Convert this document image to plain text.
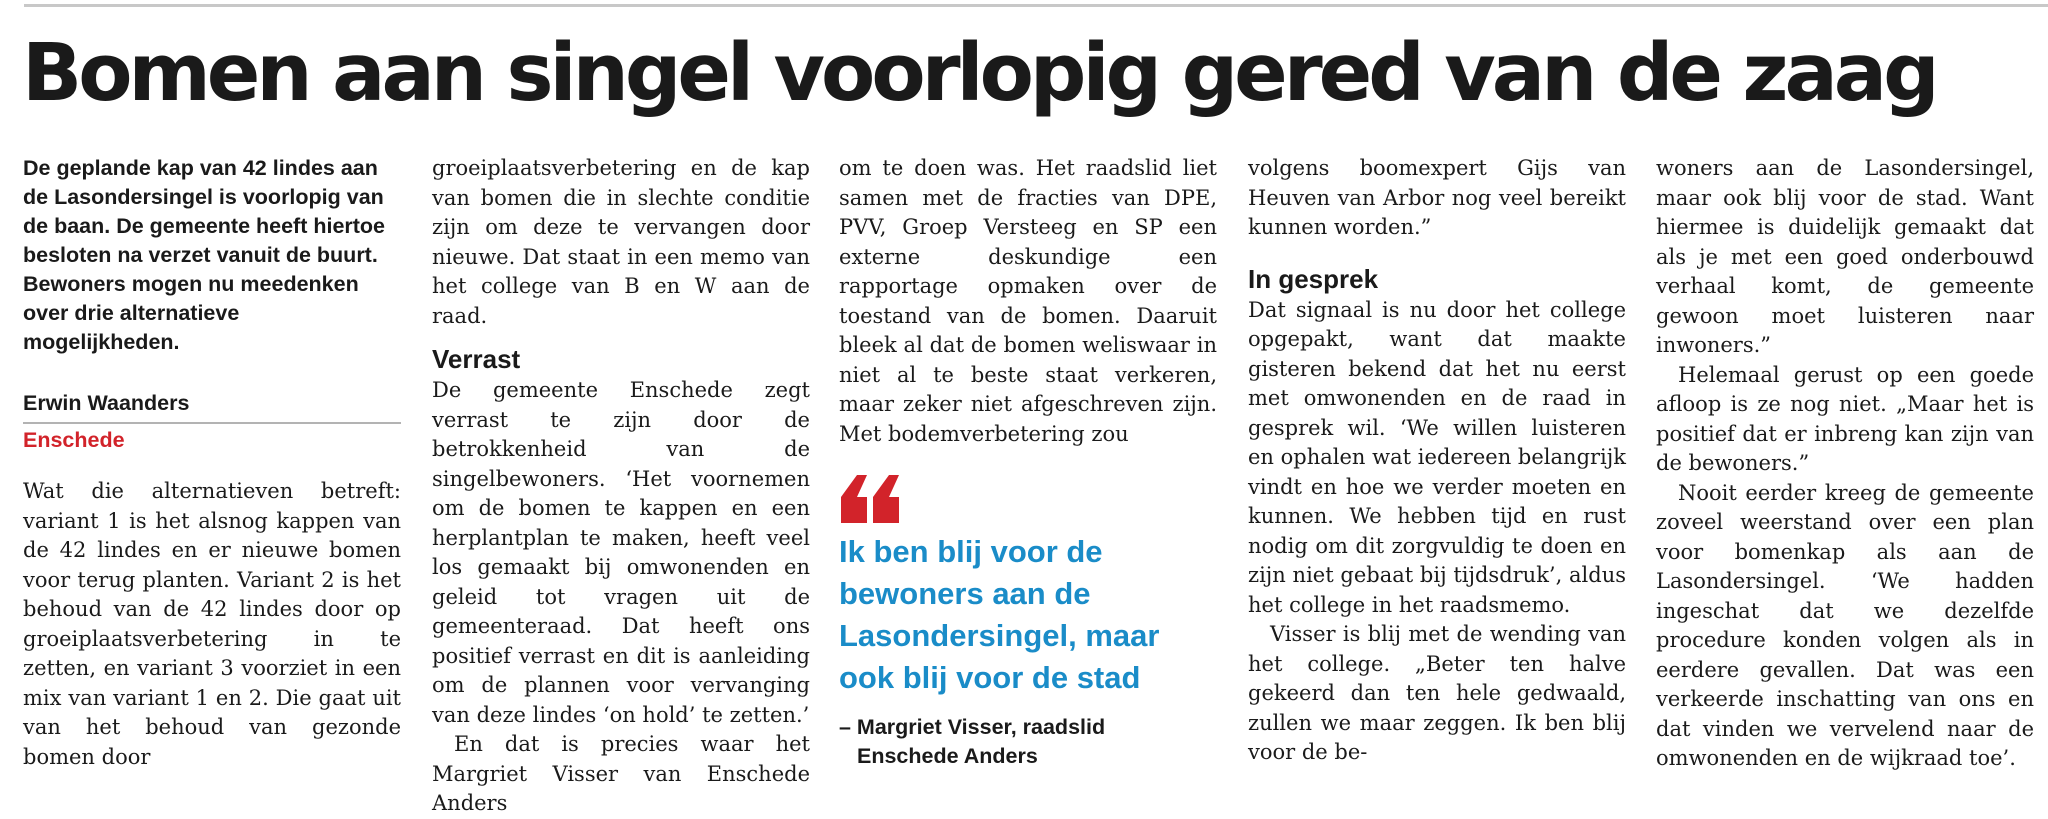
Bomen aan singel voorlopig gered van de zaag

De geplande kap van 42 lindes aan de Lasondersingel is voorlopig van de baan. De gemeente heeft hiertoe besloten na verzet vanuit de buurt. Bewoners mogen nu meedenken over drie alternatieve mogelijkheden.

Erwin Waanders
Enschede

Wat die alternatieven betreft: variant 1 is het alsnog kappen van de 42 lindes en er nieuwe bomen voor terug planten. Variant 2 is het behoud van de 42 lindes door op groeiplaatsverbetering in te zetten, en variant 3 voorziet in een mix van variant 1 en 2. Die gaat uit van het behoud van gezonde bomen door

groeiplaatsverbetering en de kap van bomen die in slechte conditie zijn om deze te vervangen door nieuwe. Dat staat in een memo van het college van B en W aan de raad.

Verrast

De gemeente Enschede zegt verrast te zijn door de betrokkenheid van de singelbewoners. ‘Het voornemen om de bomen te kappen en een herplantplan te maken, heeft veel los gemaakt bij omwonenden en geleid tot vragen uit de gemeenteraad. Dat heeft ons positief verrast en dit is aanleiding om de plannen voor vervanging van deze lindes ‘on hold’ te zetten.’

En dat is precies waar het Margriet Visser van Enschede Anders

om te doen was. Het raadslid liet samen met de fracties van DPE, PVV, Groep Versteeg en SP een externe deskundige een rapportage opmaken over de toestand van de bomen. Daaruit bleek al dat de bomen weliswaar in niet al te beste staat verkeren, maar zeker niet afgeschreven zijn. Met bodemverbetering zou

Ik ben blij voor de bewoners aan de Lasondersingel, maar ook blij voor de stad

– Margriet Visser, raadslid
Enschede Anders

volgens boomexpert Gijs van Heuven van Arbor nog veel bereikt kunnen worden.”

In gesprek

Dat signaal is nu door het college opgepakt, want dat maakte gisteren bekend dat het nu eerst met omwonenden en de raad in gesprek wil. ‘We willen luisteren en ophalen wat iedereen belangrijk vindt en hoe we verder moeten en kunnen. We hebben tijd en rust nodig om dit zorgvuldig te doen en zijn niet gebaat bij tijdsdruk’, aldus het college in het raadsmemo.

Visser is blij met de wending van het college. „Beter ten halve gekeerd dan ten hele gedwaald, zullen we maar zeggen. Ik ben blij voor de be-

woners aan de Lasondersingel, maar ook blij voor de stad. Want hiermee is duidelijk gemaakt dat als je met een goed onderbouwd verhaal komt, de gemeente gewoon moet luisteren naar inwoners.”

Helemaal gerust op een goede afloop is ze nog niet. „Maar het is positief dat er inbreng kan zijn van de bewoners.”

Nooit eerder kreeg de gemeente zoveel weerstand over een plan voor bomenkap als aan de Lasondersingel. ‘We hadden ingeschat dat we dezelfde procedure konden volgen als in eerdere gevallen. Dat was een verkeerde inschatting van ons en dat vinden we vervelend naar de omwonenden en de wijkraad toe’.
